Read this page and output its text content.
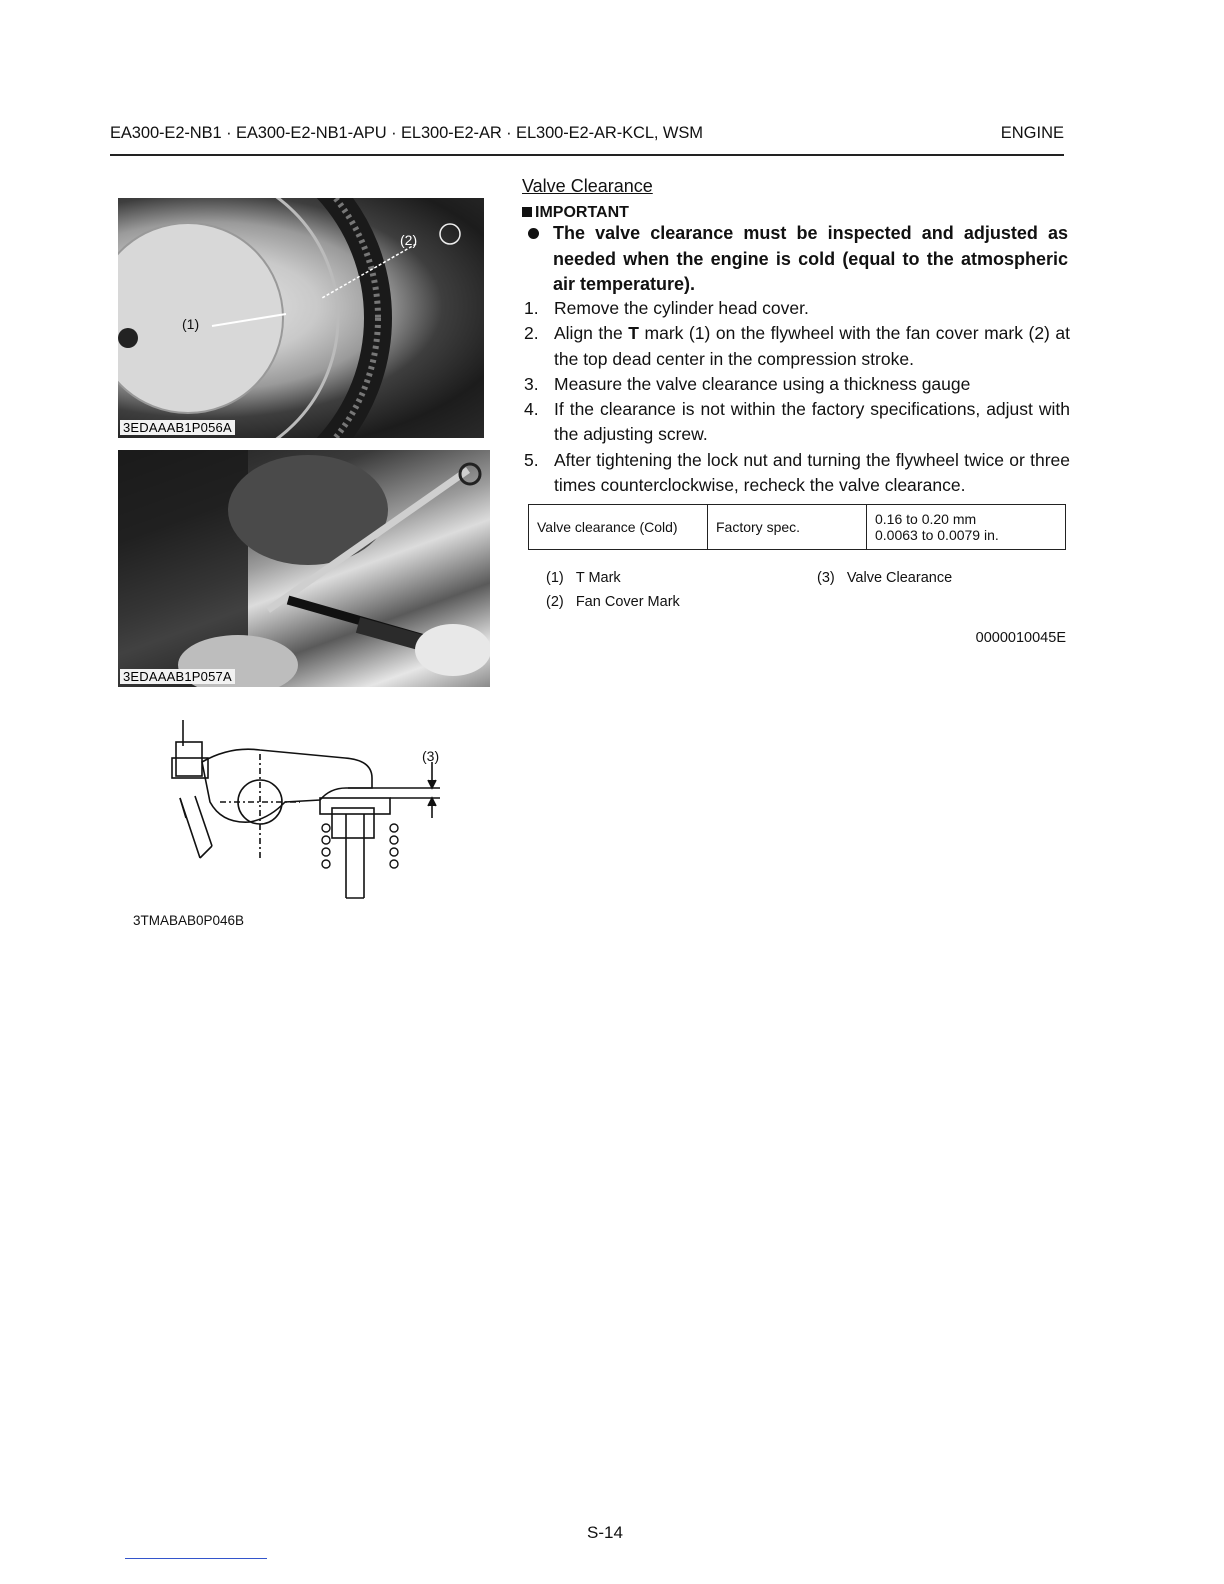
EA300-E2-NB1 · EA300-E2-NB1-APU · EL300-E2-AR · EL300-E2-AR-KCL, WSM	ENGINE
(1)
(2)
3EDAAAB1P056A
3EDAAAB1P057A
(3)
3TMABAB0P046B
Valve Clearance
IMPORTANT
The valve clearance must be inspected and adjusted as needed when the engine is cold (equal to the atmospheric air temperature).
1. Remove the cylinder head cover.
2. Align the T mark (1) on the flywheel with the fan cover mark (2) at the top dead center in the compression stroke.
3. Measure the valve clearance using a thickness gauge
4. If the clearance is not within the factory specifications, adjust with the adjusting screw.
5. After tightening the lock nut and turning the flywheel twice or three times counterclockwise, recheck the valve clearance.
Valve clearance (Cold)	Factory spec.	0.16 to 0.20 mm
0.0063 to 0.0079 in.
(1) T Mark
(2) Fan Cover Mark
(3) Valve Clearance
0000010045E
S-14
